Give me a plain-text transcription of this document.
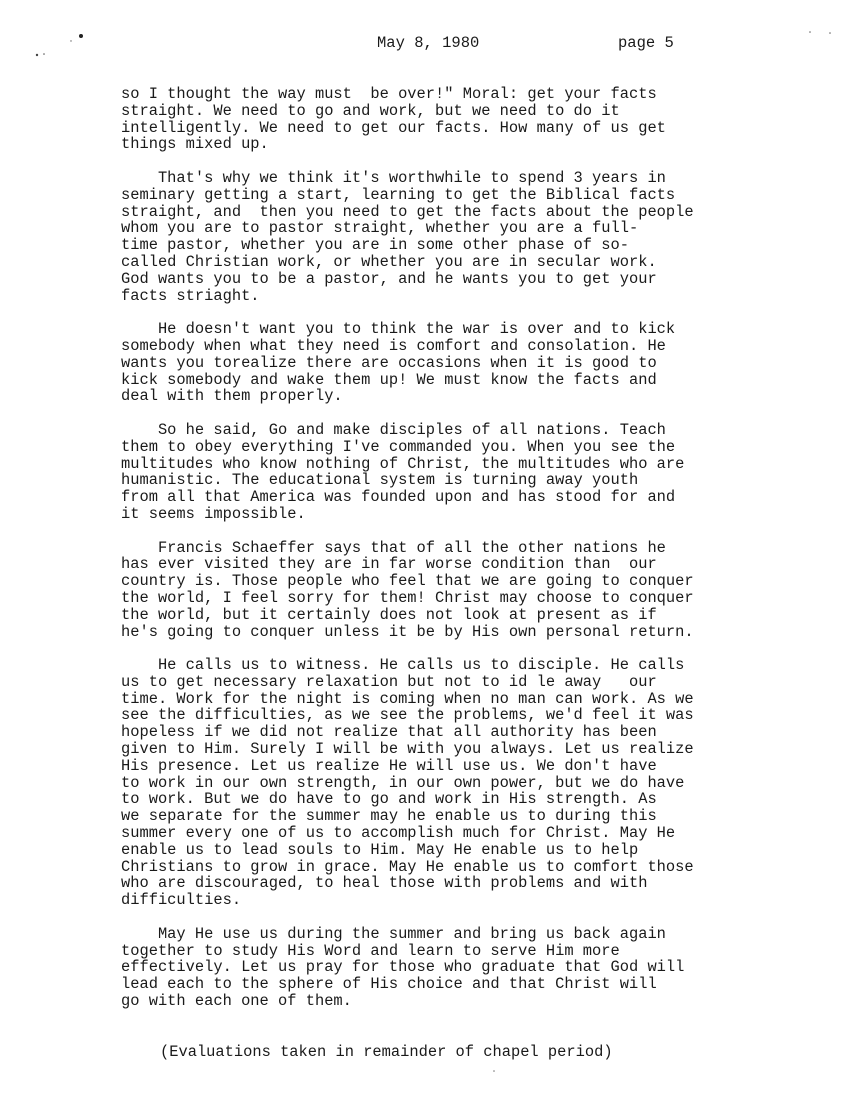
May 8, 1980	page 5
so I thought the way must  be over!" Moral: get your facts
straight. We need to go and work, but we need to do it
intelligently. We need to get our facts. How many of us get
things mixed up.
That's why we think it's worthwhile to spend 3 years in
seminary getting a start, learning to get the Biblical facts
straight, and  then you need to get the facts about the people
whom you are to pastor straight, whether you are a full-
time pastor, whether you are in some other phase of so-
called Christian work, or whether you are in secular work.
God wants you to be a pastor, and he wants you to get your
facts striaght.
He doesn't want you to think the war is over and to kick
somebody when what they need is comfort and consolation. He
wants you torealize there are occasions when it is good to
kick somebody and wake them up! We must know the facts and
deal with them properly.
So he said, Go and make disciples of all nations. Teach
them to obey everything I've commanded you. When you see the
multitudes who know nothing of Christ, the multitudes who are
humanistic. The educational system is turning away youth
from all that America was founded upon and has stood for and
it seems impossible.
Francis Schaeffer says that of all the other nations he
has ever visited they are in far worse condition than  our
country is. Those people who feel that we are going to conquer
the world, I feel sorry for them! Christ may choose to conquer
the world, but it certainly does not look at present as if
he's going to conquer unless it be by His own personal return.
He calls us to witness. He calls us to disciple. He calls
us to get necessary relaxation but not to id le away   our
time. Work for the night is coming when no man can work. As we
see the difficulties, as we see the problems, we'd feel it was
hopeless if we did not realize that all authority has been
given to Him. Surely I will be with you always. Let us realize
His presence. Let us realize He will use us. We don't have
to work in our own strength, in our own power, but we do have
to work. But we do have to go and work in His strength. As
we separate for the summer may he enable us to during this
summer every one of us to accomplish much for Christ. May He
enable us to lead souls to Him. May He enable us to help
Christians to grow in grace. May He enable us to comfort those
who are discouraged, to heal those with problems and with
difficulties.
May He use us during the summer and bring us back again
together to study His Word and learn to serve Him more
effectively. Let us pray for those who graduate that God will
lead each to the sphere of His choice and that Christ will
go with each one of them.
(Evaluations taken in remainder of chapel period)
